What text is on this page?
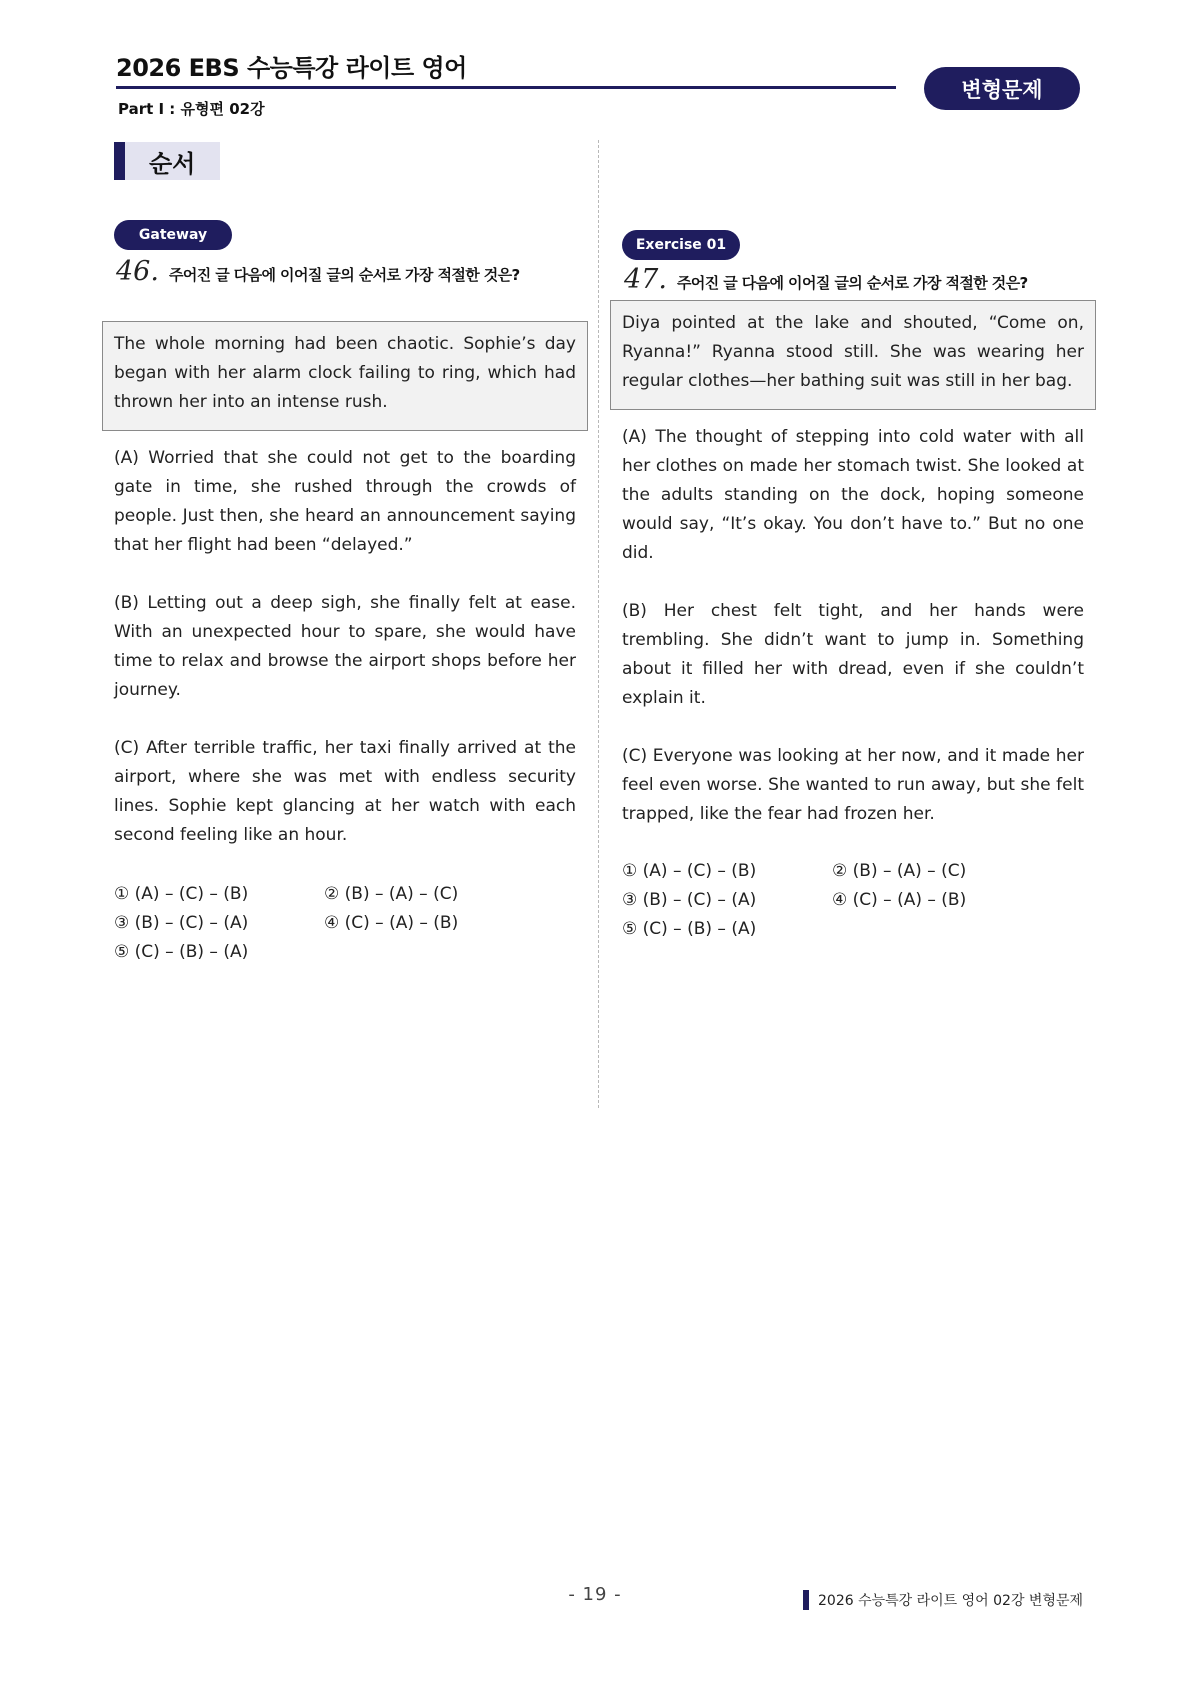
2026 EBS 수능특강 라이트 영어
Part Ⅰ : 유형편 02강
변형문제
순서
Gateway
46. 주어진 글 다음에 이어질 글의 순서로 가장 적절한 것은?

The whole morning had been chaotic. Sophie’s day began with her alarm clock failing to ring, which had thrown her into an intense rush.

(A) Worried that she could not get to the boarding gate in time, she rushed through the crowds of people. Just then, she heard an announcement saying that her flight had been “delayed.”

(B) Letting out a deep sigh, she finally felt at ease. With an unexpected hour to spare, she would have time to relax and browse the airport shops before her journey.

(C) After terrible traffic, her taxi finally arrived at the airport, where she was met with endless security lines. Sophie kept glancing at her watch with each second feeling like an hour.

① (A) – (C) – (B)	② (B) – (A) – (C)
③ (B) – (C) – (A)	④ (C) – (A) – (B)
⑤ (C) – (B) – (A)
Exercise 01
47. 주어진 글 다음에 이어질 글의 순서로 가장 적절한 것은?

Diya pointed at the lake and shouted, “Come on, Ryanna!” Ryanna stood still. She was wearing her regular clothes—her bathing suit was still in her bag.

(A) The thought of stepping into cold water with all her clothes on made her stomach twist. She looked at the adults standing on the dock, hoping someone would say, “It’s okay. You don’t have to.” But no one did.

(B) Her chest felt tight, and her hands were trembling. She didn’t want to jump in. Something about it filled her with dread, even if she couldn’t explain it.

(C) Everyone was looking at her now, and it made her feel even worse. She wanted to run away, but she felt trapped, like the fear had frozen her.

① (A) – (C) – (B)	② (B) – (A) – (C)
③ (B) – (C) – (A)	④ (C) – (A) – (B)
⑤ (C) – (B) – (A)
- 19 -	2026 수능특강 라이트 영어 02강 변형문제
